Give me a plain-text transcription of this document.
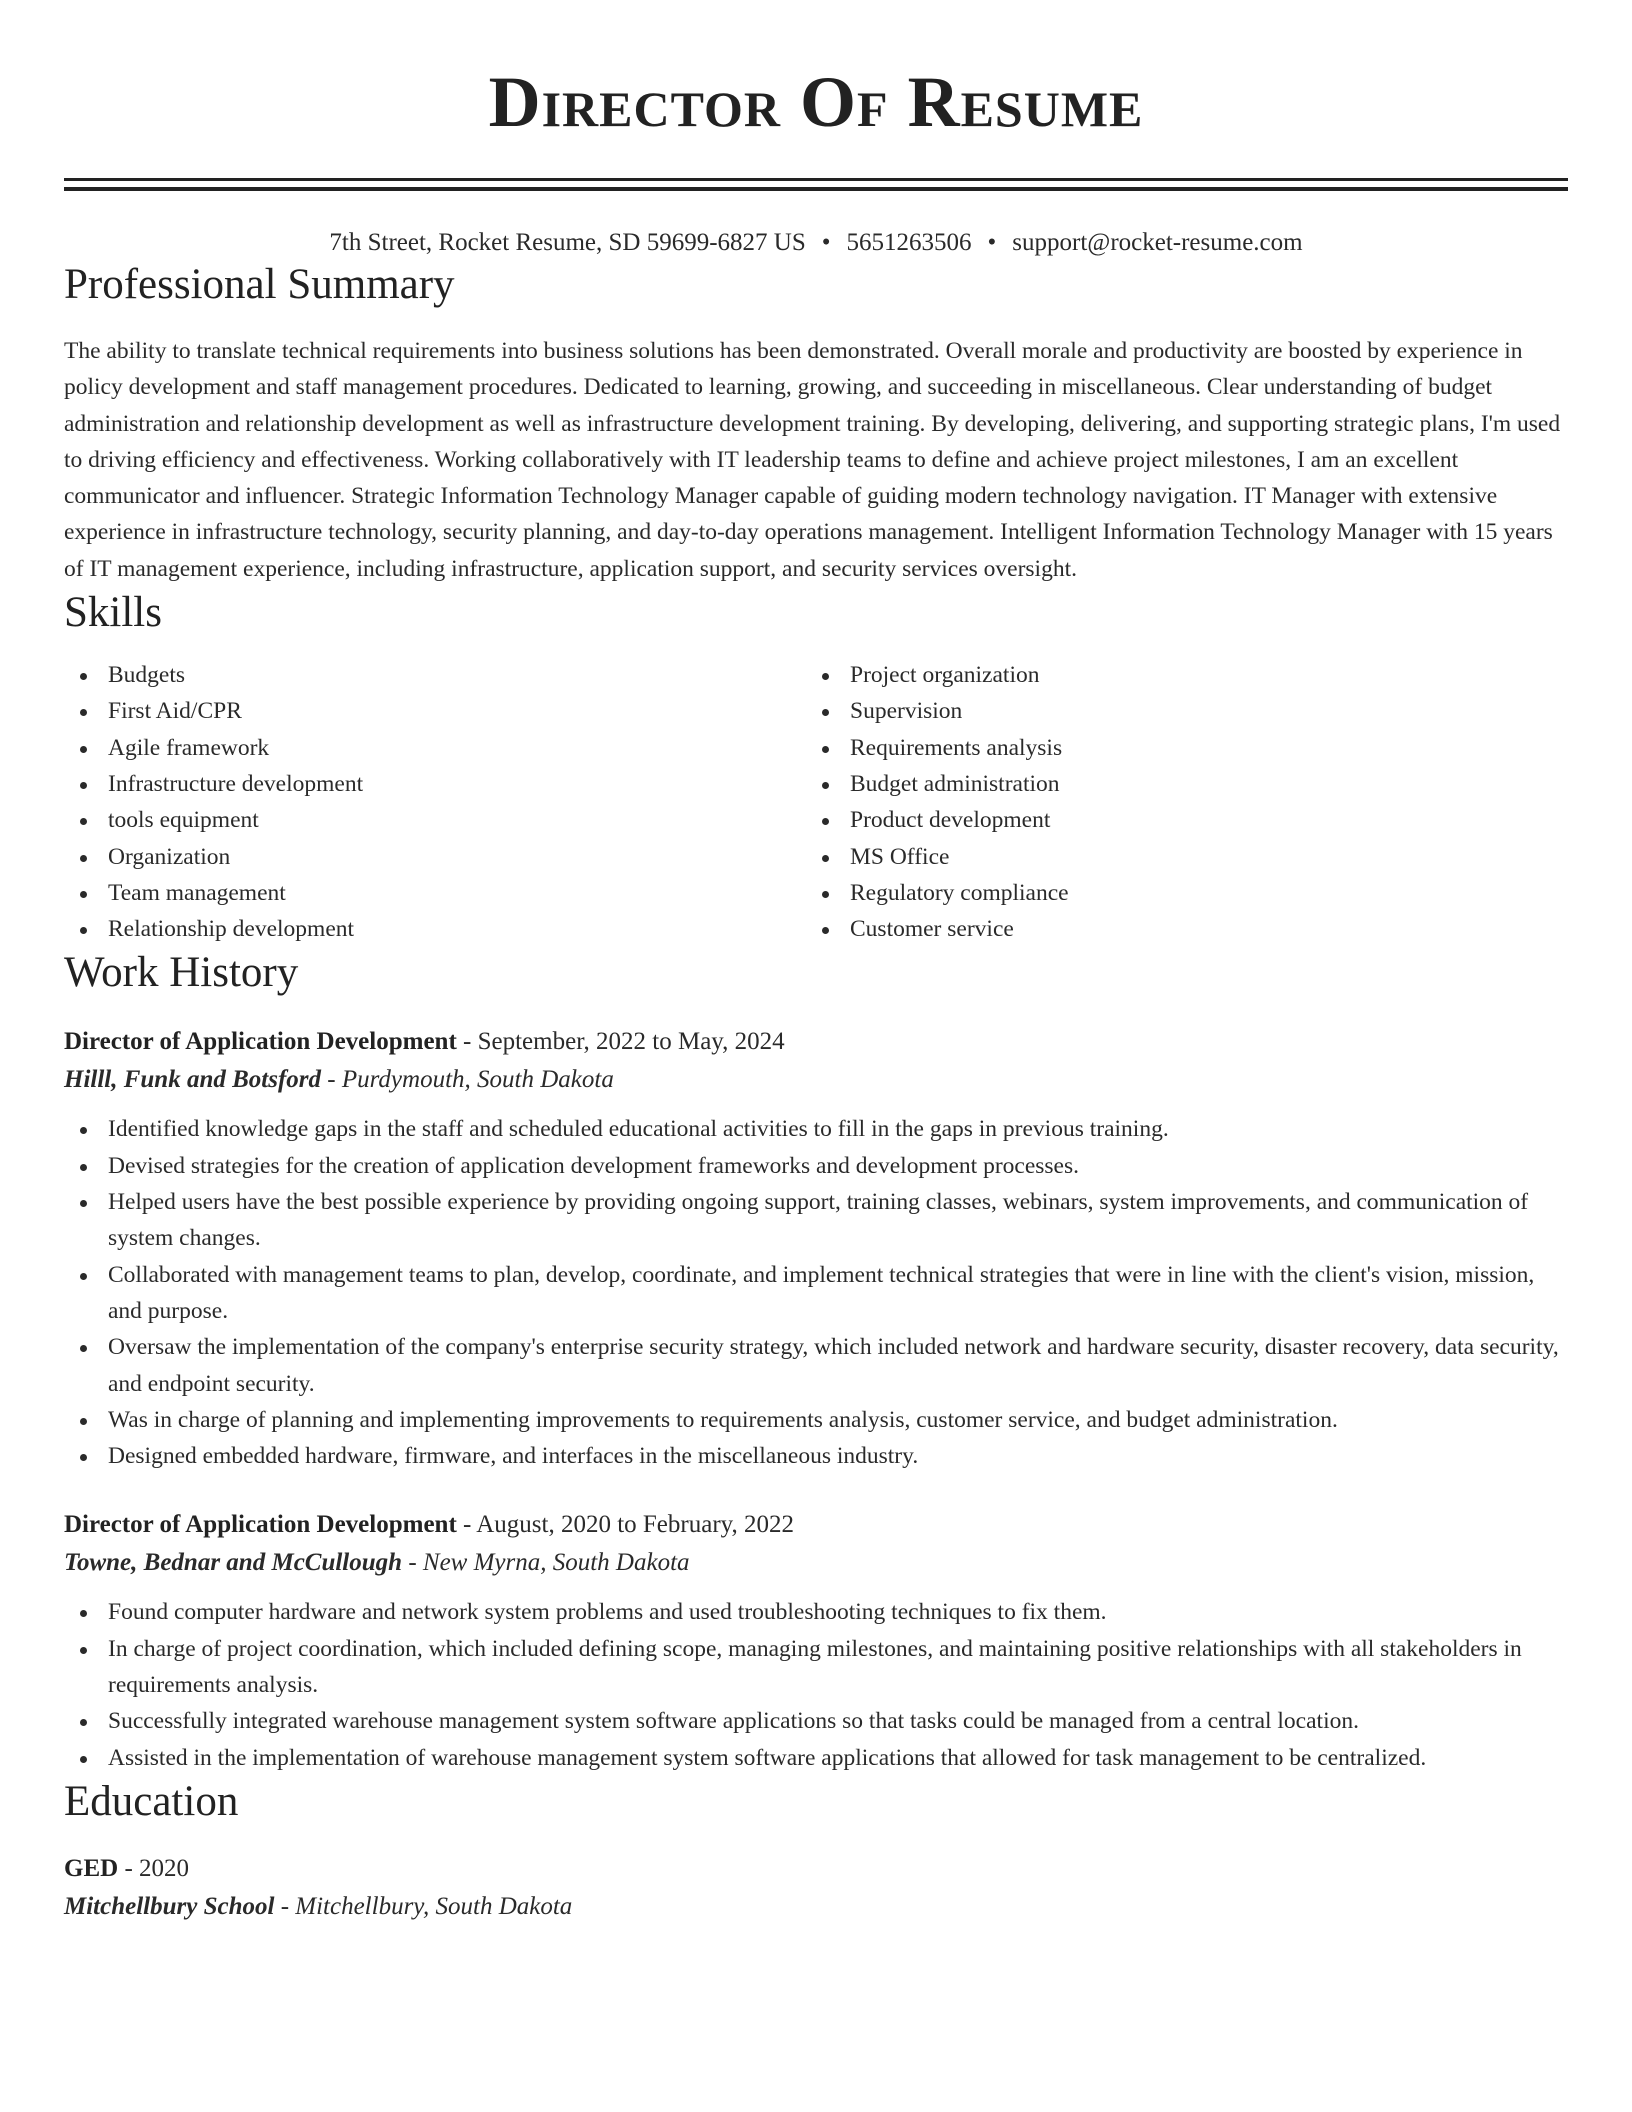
Director Of Resume
7th Street, Rocket Resume, SD 59699-6827 US • 5651263506 • support@rocket-resume.com
Professional Summary

The ability to translate technical requirements into business solutions has been demonstrated. Overall morale and productivity are boosted by experience in policy development and staff management procedures. Dedicated to learning, growing, and succeeding in miscellaneous. Clear understanding of budget administration and relationship development as well as infrastructure development training. By developing, delivering, and supporting strategic plans, I'm used to driving efficiency and effectiveness. Working collaboratively with IT leadership teams to define and achieve project milestones, I am an excellent communicator and influencer. Strategic Information Technology Manager capable of guiding modern technology navigation. IT Manager with extensive experience in infrastructure technology, security planning, and day-to-day operations management. Intelligent Information Technology Manager with 15 years of IT management experience, including infrastructure, application support, and security services oversight.

Skills
Budgets
First Aid/CPR
Agile framework
Infrastructure development
tools equipment
Organization
Team management
Relationship development
Project organization
Supervision
Requirements analysis
Budget administration
Product development
MS Office
Regulatory compliance
Customer service
Work History
Director of Application Development - September, 2022 to May, 2024
Hilll, Funk and Botsford - Purdymouth, South Dakota
Identified knowledge gaps in the staff and scheduled educational activities to fill in the gaps in previous training.
Devised strategies for the creation of application development frameworks and development processes.
Helped users have the best possible experience by providing ongoing support, training classes, webinars, system improvements, and communication of system changes.
Collaborated with management teams to plan, develop, coordinate, and implement technical strategies that were in line with the client's vision, mission, and purpose.
Oversaw the implementation of the company's enterprise security strategy, which included network and hardware security, disaster recovery, data security, and endpoint security.
Was in charge of planning and implementing improvements to requirements analysis, customer service, and budget administration.
Designed embedded hardware, firmware, and interfaces in the miscellaneous industry.
Director of Application Development - August, 2020 to February, 2022
Towne, Bednar and McCullough - New Myrna, South Dakota
Found computer hardware and network system problems and used troubleshooting techniques to fix them.
In charge of project coordination, which included defining scope, managing milestones, and maintaining positive relationships with all stakeholders in requirements analysis.
Successfully integrated warehouse management system software applications so that tasks could be managed from a central location.
Assisted in the implementation of warehouse management system software applications that allowed for task management to be centralized.
Education
GED - 2020
Mitchellbury School - Mitchellbury, South Dakota
